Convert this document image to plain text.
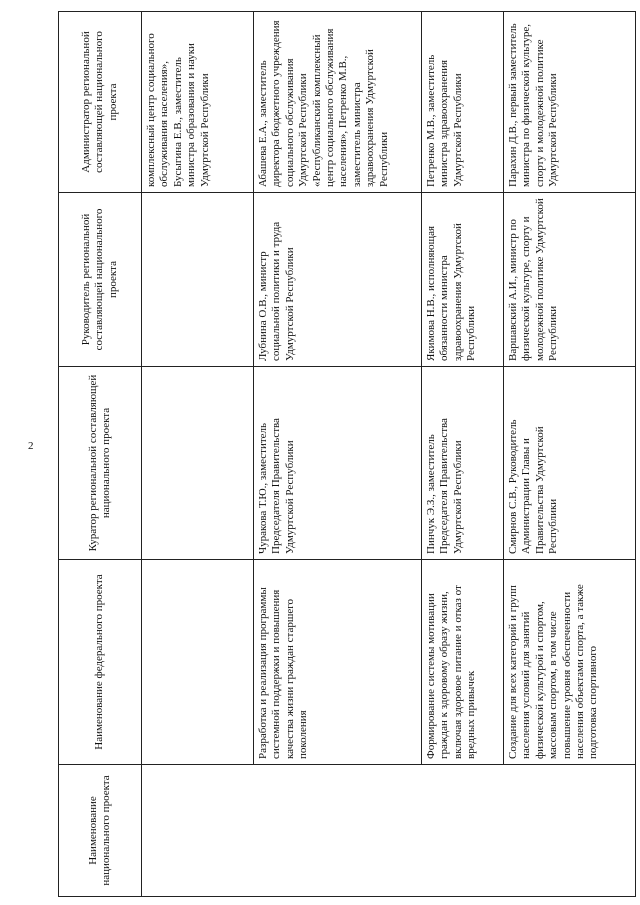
2
Наименование национального проекта	Наименование федерального проекта	Куратор региональной составляющей национального проекта	Руководитель региональной составляющей национального проекта	Администратор региональной составляющей национального проекта
				комплексный центр социального обслуживания населения», Бусыгина Е.В., заместитель министра образования и науки Удмуртской Республики
	Разработка и реализация программы системной поддержки и повышения качества жизни граждан старшего поколения	Чуракова Т.Ю., заместитель Председателя Правительства Удмуртской Республики	Лубнина О.В., министр социальной политики и труда Удмуртской Республики	Абашева Е.А., заместитель директора бюджетного учреждения социального обслуживания Удмуртской Республики «Республиканский комплексный центр социального обслуживания населения», Петренко М.В., заместитель министра здравоохранения Удмуртской Республики
	Формирование системы мотивации граждан к здоровому образу жизни, включая здоровое питание и отказ от вредных привычек	Пинчук Э.З., заместитель Председателя Правительства Удмуртской Республики	Якимова Н.В., исполняющая обязанности министра здравоохранения Удмуртской Республики	Петренко М.В., заместитель министра здравоохранения Удмуртской Республики
	Создание для всех категорий и групп населения условий для занятий физической культурой и спортом, массовым спортом, в том числе повышение уровня обеспеченности населения объектами спорта, а также подготовка спортивного	Смирнов С.В., Руководитель Администрации Главы и Правительства Удмуртской Республики	Варшавский А.И., министр по физической культуре, спорту и молодежной политике Удмуртской Республики	Парахин Д.В., первый заместитель министра по физической культуре, спорту и молодежной политике Удмуртской Республики
